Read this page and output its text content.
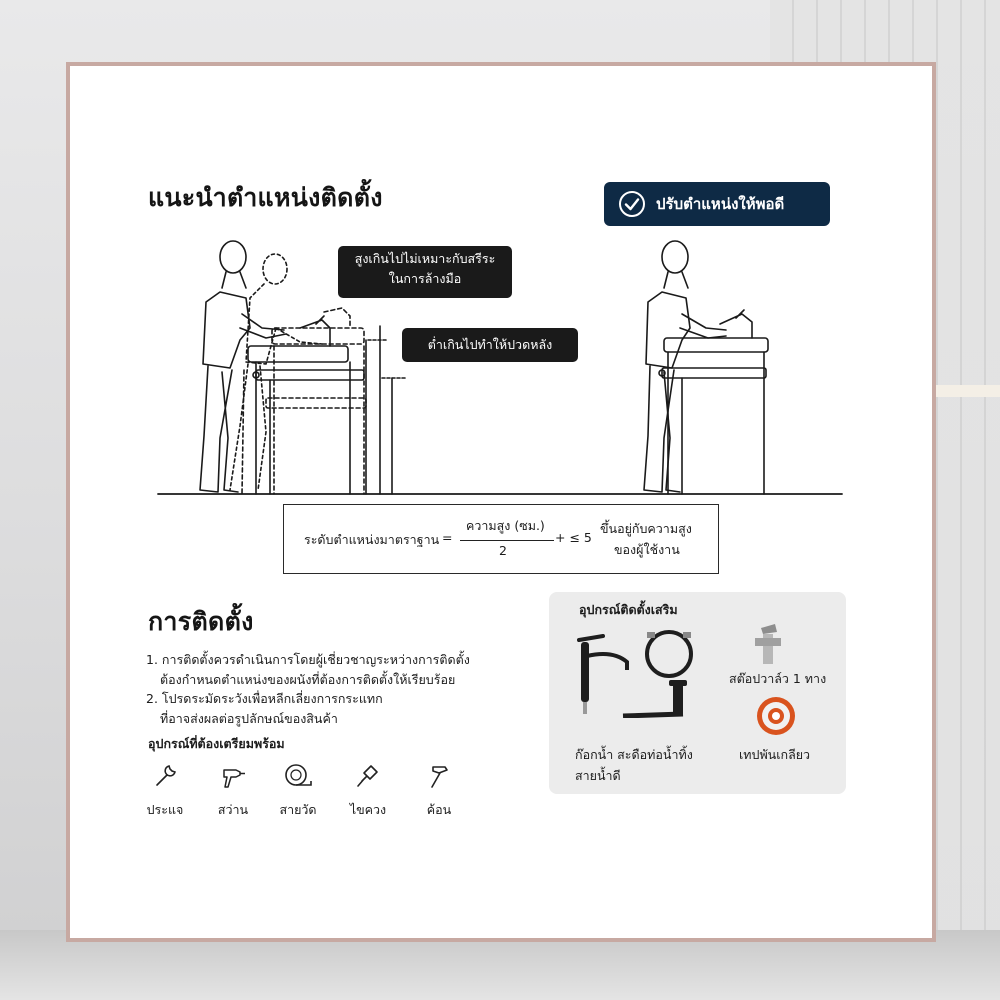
แนะนำตำแหน่งติดตั้ง	ปรับตำแหน่งให้พอดี
สูงเกินไปไม่เหมาะกับสรีระ
ในการล้างมือ
ต่ำเกินไปทำให้ปวดหลัง
ระดับตำแหน่งมาตราฐาน =
ความสูง (ซม.)
2
+ ≤ 5
ขึ้นอยู่กับความสูง
ของผู้ใช้งาน
การติดตั้ง
1. การติดตั้งควรดำเนินการโดยผู้เชี่ยวชาญระหว่างการติดตั้ง
ต้องกำหนดตำแหน่งของผนังที่ต้องการติดตั้งให้เรียบร้อย
2. โปรดระมัดระวังเพื่อหลีกเลี่ยงการกระแทก
ที่อาจส่งผลต่อรูปลักษณ์ของสินค้า
อุปกรณ์ที่ต้องเตรียมพร้อม
ประแจ	สว่าน	สายวัด	ไขควง	ค้อน
อุปกรณ์ติดตั้งเสริม
สต๊อปวาล์ว 1 ทาง
เทปพันเกลียว
ก๊อกน้ำ สะดือท่อน้ำทิ้ง
สายน้ำดี
